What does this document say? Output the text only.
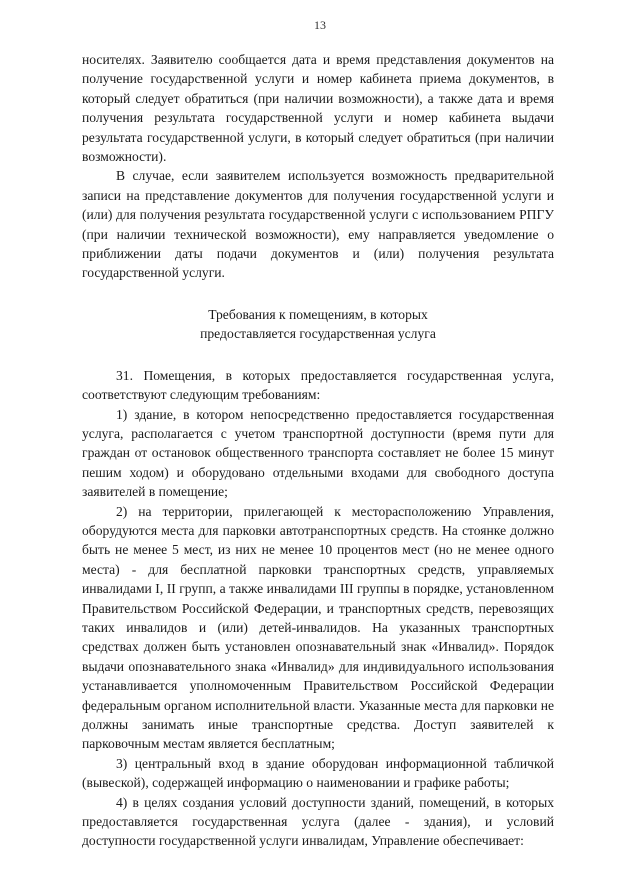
13

носителях. Заявителю сообщается дата и время представления документов на получение государственной услуги и номер кабинета приема документов, в который следует обратиться (при наличии возможности), а также дата и время получения результата государственной услуги и номер кабинета выдачи результата государственной услуги, в который следует обратиться (при наличии возможности).

В случае, если заявителем используется возможность предварительной записи на представление документов для получения государственной услуги и (или) для получения результата государственной услуги с использованием РПГУ (при наличии технической возможности), ему направляется уведомление о приближении даты подачи документов и (или) получения результата государственной услуги.

Требования к помещениям, в которых
предоставляется государственная услуга

31. Помещения, в которых предоставляется государственная услуга, соответствуют следующим требованиям:

1) здание, в котором непосредственно предоставляется государственная услуга, располагается с учетом транспортной доступности (время пути для граждан от остановок общественного транспорта составляет не более 15 минут пешим ходом) и оборудовано отдельными входами для свободного доступа заявителей в помещение;

2) на территории, прилегающей к месторасположению Управления, оборудуются места для парковки автотранспортных средств. На стоянке должно быть не менее 5 мест, из них не менее 10 процентов мест (но не менее одного места) - для бесплатной парковки транспортных средств, управляемых инвалидами I, II групп, а также инвалидами III группы в порядке, установленном Правительством Российской Федерации, и транспортных средств, перевозящих таких инвалидов и (или) детей-инвалидов. На указанных транспортных средствах должен быть установлен опознавательный знак «Инвалид». Порядок выдачи опознавательного знака «Инвалид» для индивидуального использования устанавливается уполномоченным Правительством Российской Федерации федеральным органом исполнительной власти. Указанные места для парковки не должны занимать иные транспортные средства. Доступ заявителей к парковочным местам является бесплатным;

3) центральный вход в здание оборудован информационной табличкой (вывеской), содержащей информацию о наименовании и графике работы;

4) в целях создания условий доступности зданий, помещений, в которых предоставляется государственная услуга (далее - здания), и условий доступности государственной услуги инвалидам, Управление обеспечивает:
